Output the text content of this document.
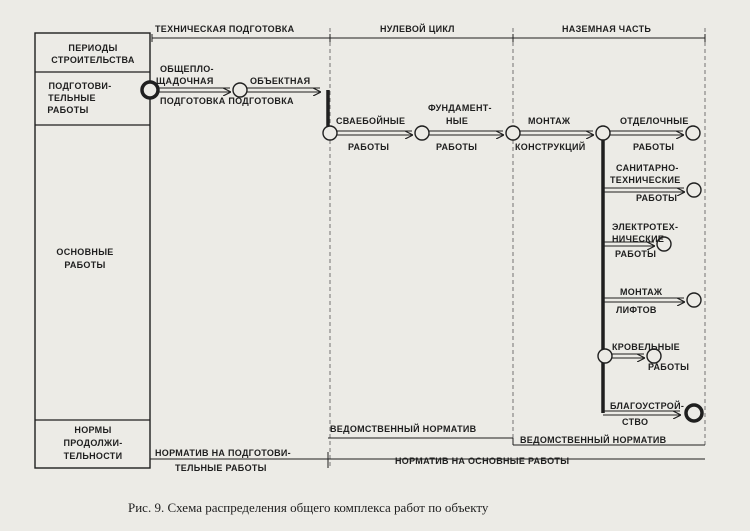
ТЕХНИЧЕСКАЯ ПОДГОТОВКА	НУЛЕВОЙ ЦИКЛ	НАЗЕМНАЯ ЧАСТЬ
ПЕРИОДЫ
СТРОИТЕЛЬСТВА
ПОДГОТОВИ-
ТЕЛЬНЫЕ
РАБОТЫ
ОСНОВНЫЕ
РАБОТЫ
НОРМЫ
ПРОДОЛЖИ-
ТЕЛЬНОСТИ
ОБЩЕПЛО-
ЩАДОЧНАЯ	ОБЪЕКТНАЯ
ПОДГОТОВКА ПОДГОТОВКА
СВАЕБОЙНЫЕ
РАБОТЫ
ФУНДАМЕНТ-
НЫЕ
РАБОТЫ
МОНТАЖ
КОНСТРУКЦИЙ
ОТДЕЛОЧНЫЕ
РАБОТЫ
САНИТАРНО-
ТЕХНИЧЕСКИЕ
РАБОТЫ
ЭЛЕКТРОТЕХ-
НИЧЕСКИЕ
РАБОТЫ
МОНТАЖ
ЛИФТОВ
КРОВЕЛЬНЫЕ
РАБОТЫ
БЛАГОУСТРОЙ-
СТВО
ВЕДОМСТВЕННЫЙ НОРМАТИВ
ВЕДОМСТВЕННЫЙ НОРМАТИВ
НОРМАТИВ НА ПОДГОТОВИ-
ТЕЛЬНЫЕ РАБОТЫ
НОРМАТИВ НА ОСНОВНЫЕ РАБОТЫ
Рис. 9. Схема распределения общего комплекса работ по объекту
